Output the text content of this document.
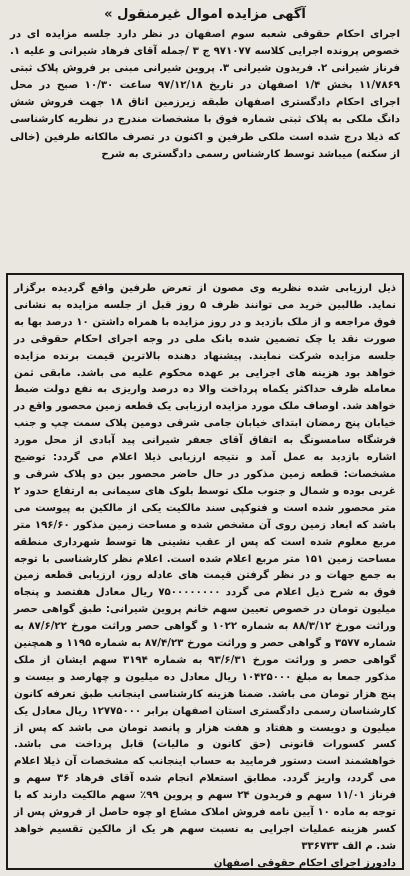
آگهی مزایده اموال غیرمنقول »

اجرای احکام حقوقی شعبه سوم اصفهان در نظر دارد جلسه مزایده ای در خصوص پرونده اجرایی کلاسه ۹۷۱۰۷۷ ج ۳ /جمله آقای فرهاد شیرانی و علیه ۱. فرناز شیرانی ۲. فریدون شیرانی ۳. پروین شیرانی مبنی بر فروش پلاک ثبتی ۱۱/۷۸۶۹ بخش ۱/۴ اصفهان در تاریخ ۹۷/۱۲/۱۸ ساعت ۱۰/۳۰ صبح در محل اجرای احکام دادگستری اصفهان طبقه زیرزمین اتاق ۱۸ جهت فروش شش دانگ ملکی به پلاک ثبتی شماره فوق با مشخصات مندرج در نظریه کارشناسی که ذیلا درج شده است ملکی طرفین و اکنون در تصرف مالکانه طرفین (خالی از سکنه) میباشد توسط کارشناس رسمی دادگستری به شرح

ذیل ارزیابی شده نظریه وی مصون از تعرض طرفین واقع گردیده برگزار نماید. طالبین خرید می توانند ظرف ۵ روز قبل از جلسه مزایده به نشانی فوق مراجعه و از ملک بازدید و در روز مزایده با همراه داشتن ۱۰ درصد بها به صورت نقد یا چک تضمین شده بانک ملی در وجه اجرای احکام حقوقی در جلسه مزایده شرکت نمایند. پیشنهاد دهنده بالاترین قیمت برنده مزایده خواهد بود هزینه های اجرایی بر عهده محکوم علیه می باشد. مابقی ثمن معامله ظرف حداکثر یکماه پرداخت والا ده درصد واریزی به نفع دولت ضبط خواهد شد. اوصاف ملک مورد مزایده ارزیابی یک قطعه زمین محصور واقع در خیابان پنج رمضان ابتدای خیابان جامی شرقی دومین پلاک سمت چپ و جنب فرشگاه سامسونگ به اتفاق آقای جعفر شیرانی پید آبادی از محل مورد اشاره بازدید به عمل آمد و نتیجه ارزیابی ذیلا اعلام می گردد: توضیح مشخصات: قطعه زمین مذکور در حال حاضر محصور بین دو پلاک شرقی و غربی بوده و شمال و جنوب ملک توسط بلوک های سیمانی به ارتفاع حدود ۲ متر محصور شده است و فتوکپی سند مالکیت یکی از مالکین به پیوست می باشد که ابعاد زمین روی آن مشخص شده و مساحت زمین مذکور ۱۹۶/۶۰ متر مربع معلوم شده است که پس از عقب نشینی ها توسط شهرداری منطقه مساحت زمین ۱۵۱ متر مربع اعلام شده است. اعلام نظر کارشناسی با توجه به جمع جهات و در نظر گرفتن قیمت های عادله روز، ارزیابی قطعه زمین فوق به شرح ذیل اعلام می گردد ۷۵۰۰۰۰۰۰۰۰ ریال معادل هفتصد و پنجاه میلیون تومان در خصوص تعیین سهم خانم پروین شیرانی: طبق گواهی حصر وراثت مورخ ۸۸/۳/۱۲ به شماره ۱۰۲۲ و گواهی حصر وراثت مورخ ۸۷/۶/۲۲ به شماره ۳۵۷۷ و گواهی حصر و وراثت مورخ ۸۷/۴/۲۳ به شماره ۱۱۹۵ و همچنین گواهی حصر و وراثت مورخ ۹۳/۶/۳۱ به شماره ۳۱۹۴ سهم ایشان از ملک مذکور جمعا به مبلغ ۱۰۴۲۵۰۰۰ ریال معادل ده میلیون و چهارصد و بیست و پنج هزار تومان می باشد. ضمنا هزینه کارشناسی اینجانب طبق تعرفه کانون کارشناسان رسمی دادگستری استان اصفهان برابر ۱۲۷۷۵۰۰۰ ریال معادل یک میلیون و دویست و هفتاد و هفت هزار و پانصد تومان می باشد که پس از کسر کسورات قانونی (حق کانون و مالیات) قابل پرداخت می باشد. خواهشمند است دستور فرمایید به حساب اینجانب که مشخصات آن ذیلا اعلام می گردد، واریز گردد. مطابق استعلام انجام شده آقای فرهاد ۳۶ سهم و فرناز ۱۱/۰۱ سهم و فریدون ۲۴ سهم و پروین ۹۹٪ سهم مالکیت دارند که با توجه به ماده ۱۰ آیین نامه فروش املاک مشاع او چوه حاصل از فروش پس از کسر هزینه عملیات اجرایی به نسبت سهم هر یک از مالکین تقسیم خواهد شد. م الف ۳۳۶۷۳۳

دادورز اجرای احکام حقوقی اصفهان
